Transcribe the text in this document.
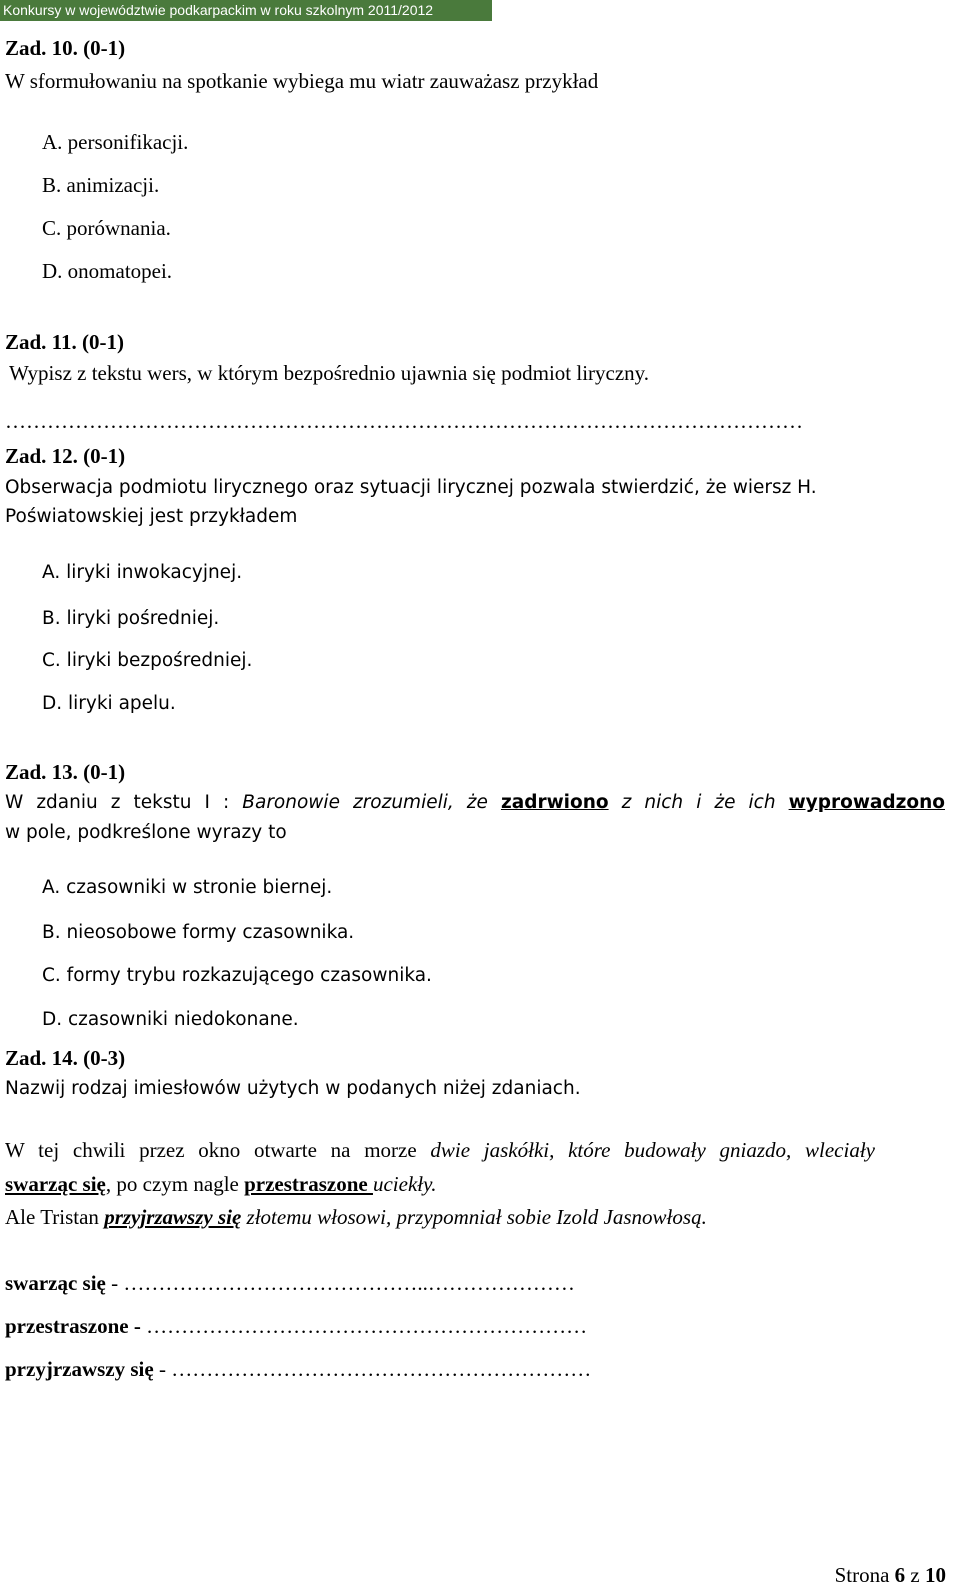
Konkursy w województwie podkarpackim w roku szkolnym 2011/2012
Zad. 10. (0-1)
W sformułowaniu na spotkanie wybiega mu wiatr zauważasz przykład
A. personifikacji.
B. animizacji.
C. porównania.
D. onomatopei.
Zad. 11. (0-1)
Wypisz z tekstu wers, w którym bezpośrednio ujawnia się podmiot liryczny.
……………………………………………………………………………………………………
Zad. 12. (0-1)
Obserwacja podmiotu lirycznego oraz sytuacji lirycznej pozwala stwierdzić, że wiersz H.
Poświatowskiej jest przykładem
A. liryki inwokacyjnej.
B. liryki pośredniej.
C. liryki bezpośredniej.
D. liryki apelu.
Zad. 13. (0-1)
W zdaniu z tekstu I : Baronowie zrozumieli, że zadrwiono z nich i że ich wyprowadzono
w pole, podkreślone wyrazy to
A. czasowniki w stronie biernej.
B. nieosobowe formy czasownika.
C. formy trybu rozkazującego czasownika.
D. czasowniki niedokonane.
Zad. 14. (0-3)
Nazwij rodzaj imiesłowów użytych w podanych niżej zdaniach.
W tej chwili przez okno otwarte na morze dwie jaskółki, które budowały gniazdo, wleciały
swarząc się, po czym nagle przestraszone uciekły.
Ale Tristan przyjrzawszy się złotemu włosowi, przypomniał sobie Izold Jasnowłosą.
swarząc się - ……………………………………..…………………
przestraszone - ………………………………………………………
przyjrzawszy się - ……………………………………………………
Strona 6 z 10
